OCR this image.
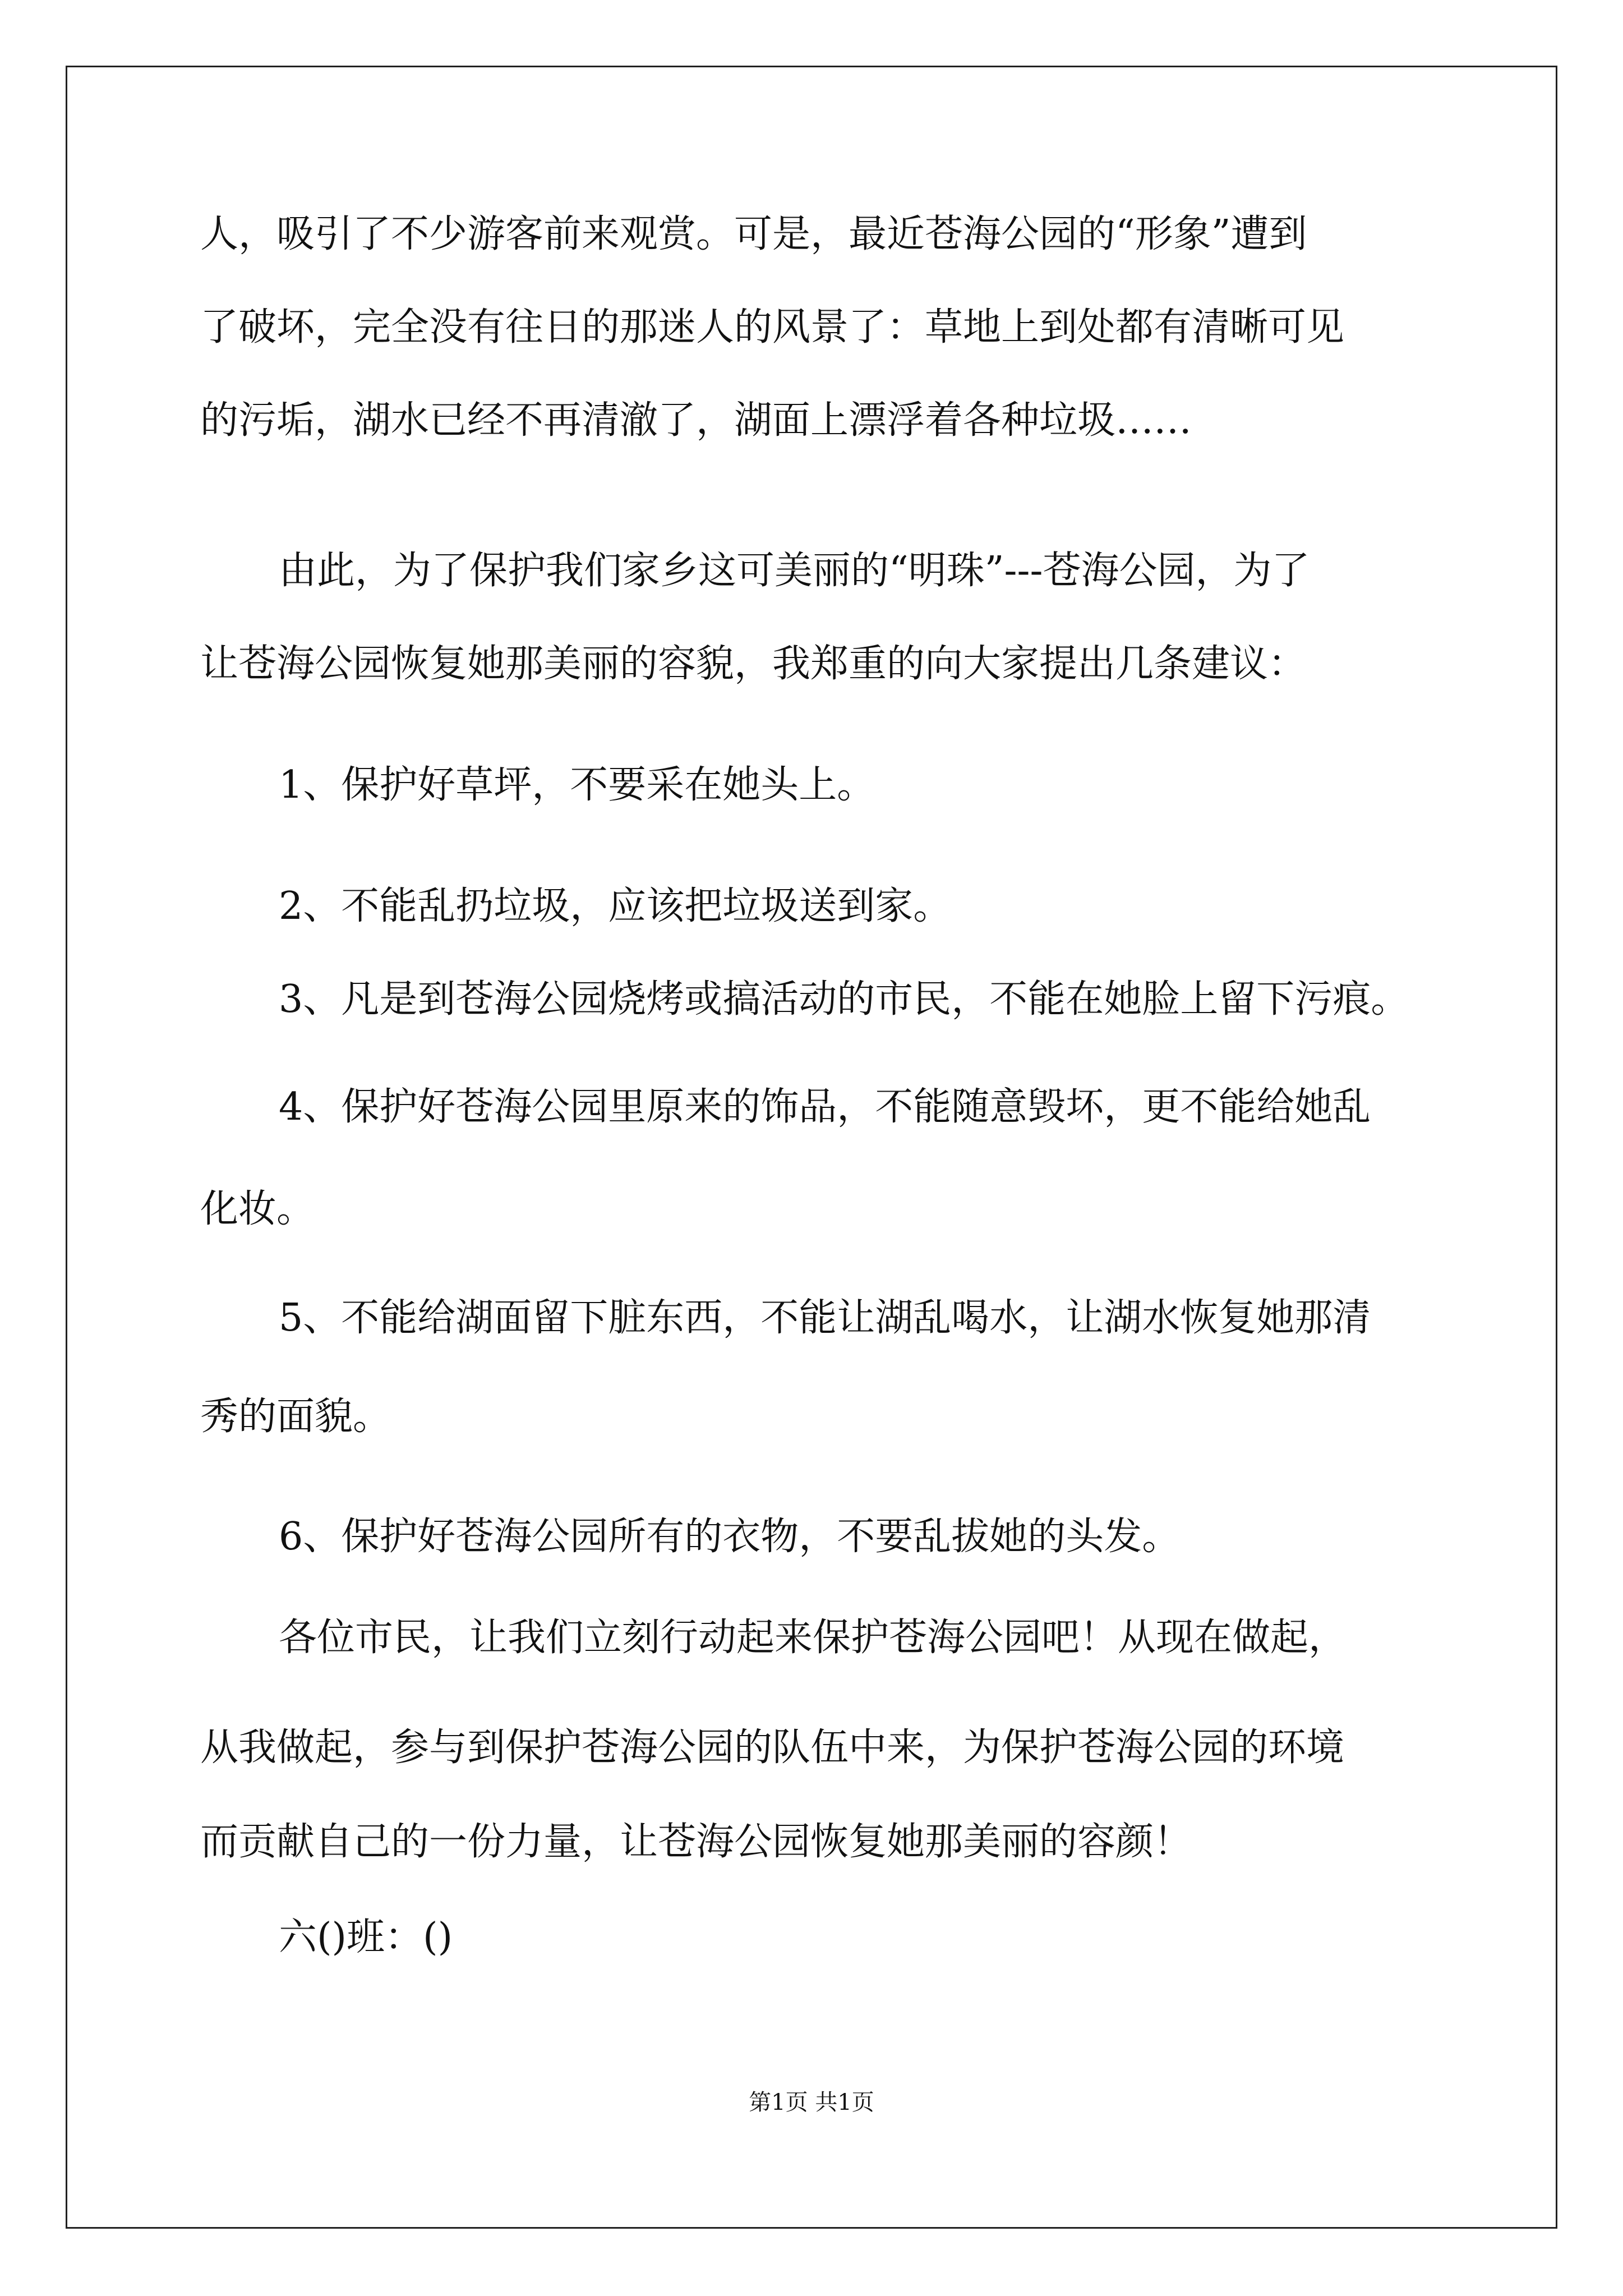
人，吸引了不少游客前来观赏。可是，最近苍海公园的“形象”遭到
了破坏，完全没有往日的那迷人的风景了：草地上到处都有清晰可见
的污垢，湖水已经不再清澈了，湖面上漂浮着各种垃圾……
由此，为了保护我们家乡这可美丽的“明珠”---苍海公园，为了
让苍海公园恢复她那美丽的容貌，我郑重的向大家提出几条建议：
1、保护好草坪，不要采在她头上。
2、不能乱扔垃圾，应该把垃圾送到家。
3、凡是到苍海公园烧烤或搞活动的市民，不能在她脸上留下污痕。
4、保护好苍海公园里原来的饰品，不能随意毁坏，更不能给她乱
化妆。
5、不能给湖面留下脏东西，不能让湖乱喝水，让湖水恢复她那清
秀的面貌。
6、保护好苍海公园所有的衣物，不要乱拔她的头发。
各位市民，让我们立刻行动起来保护苍海公园吧！从现在做起，
从我做起，参与到保护苍海公园的队伍中来，为保护苍海公园的环境
而贡献自己的一份力量，让苍海公园恢复她那美丽的容颜！
六()班：()
第1页 共1页
